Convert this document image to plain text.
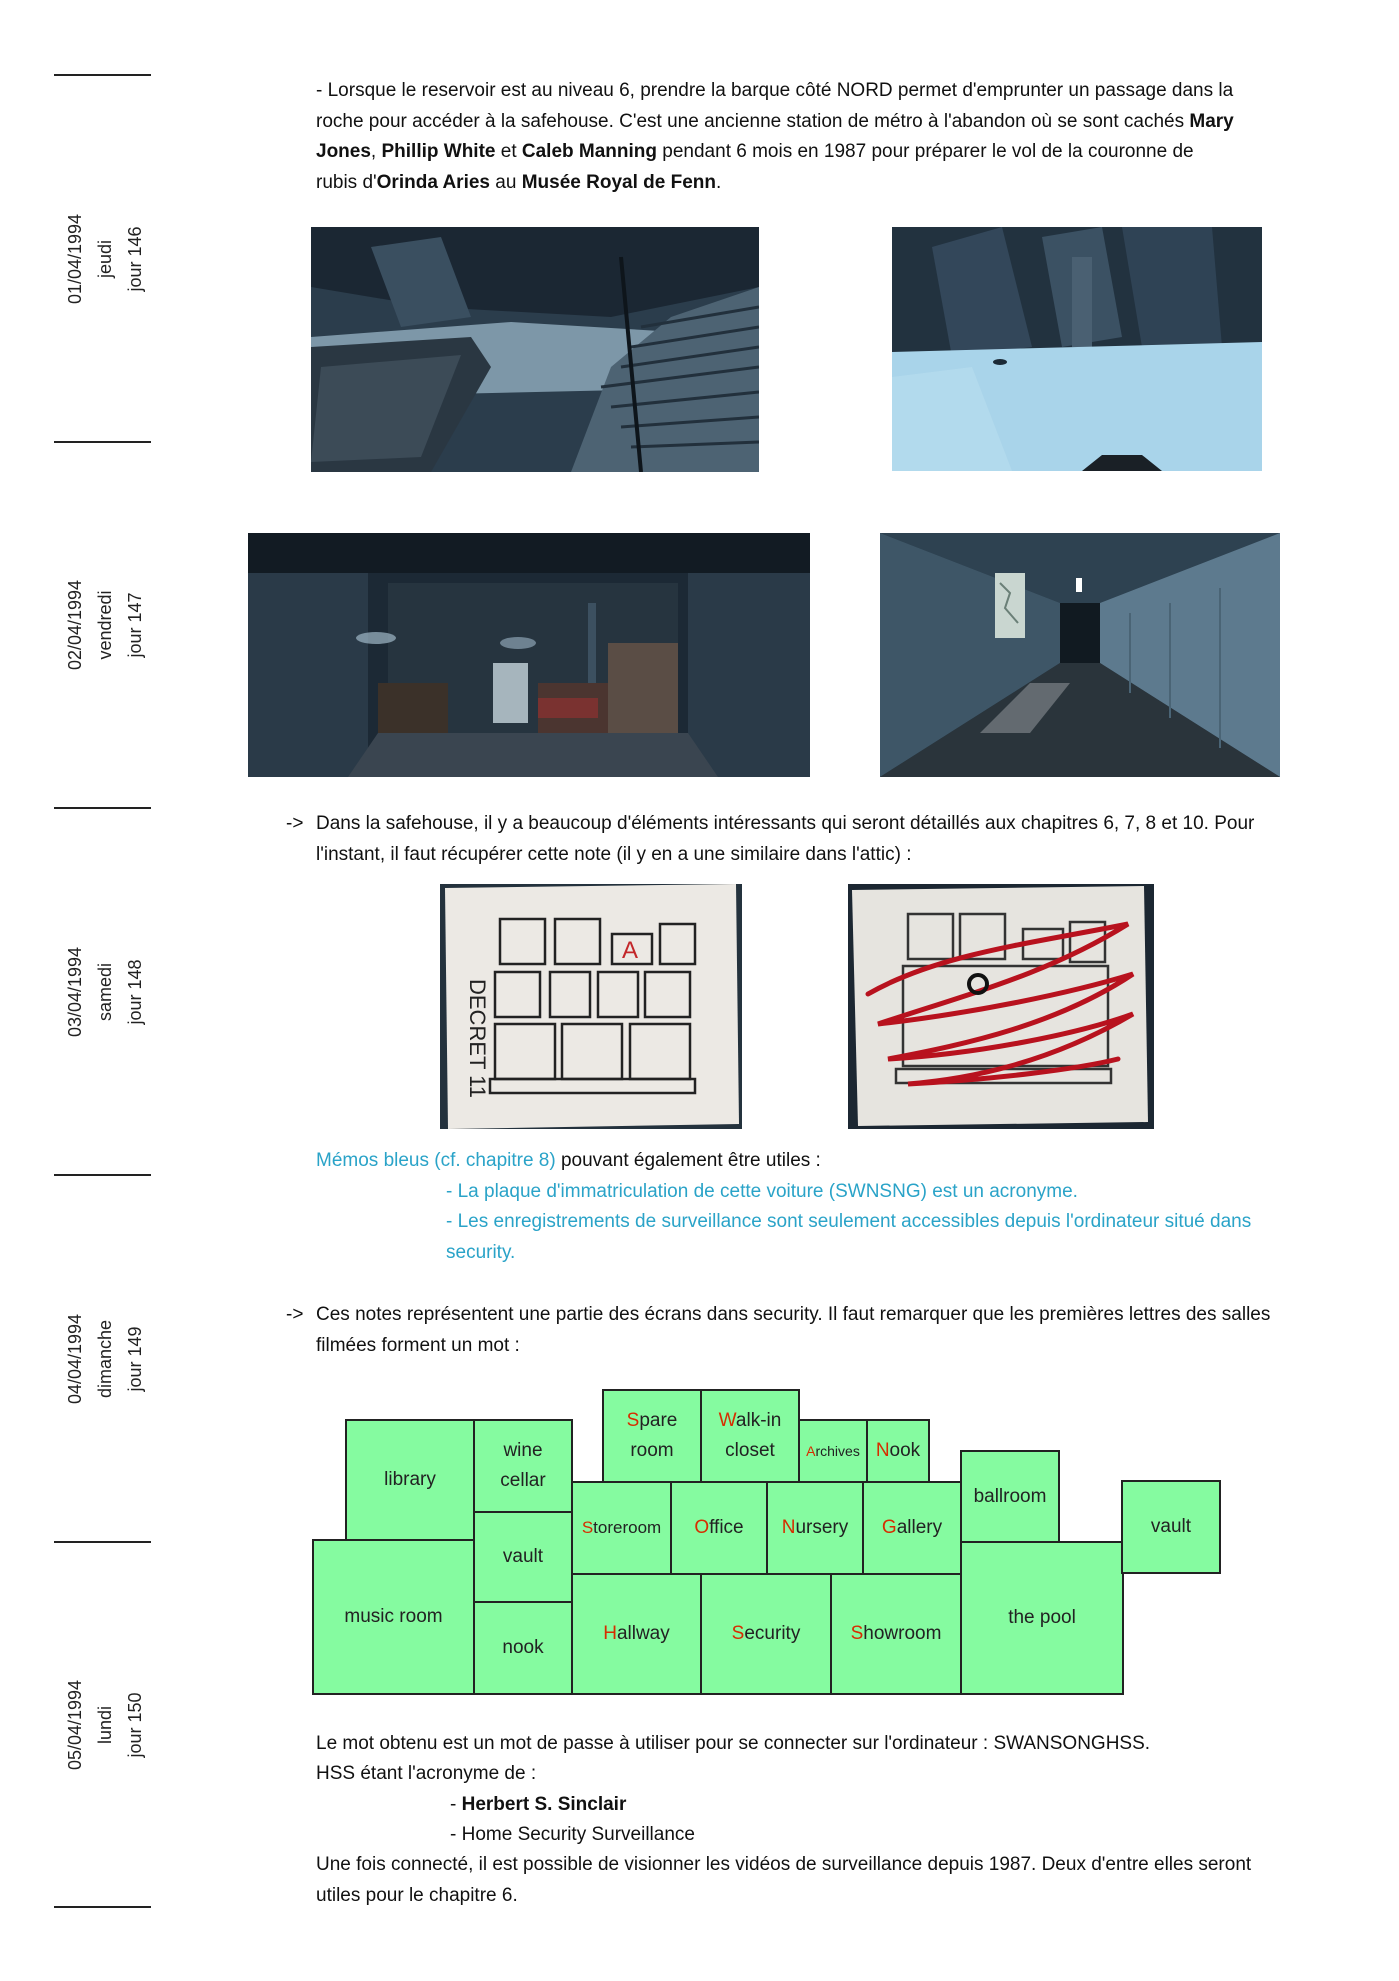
01/04/1994 jeudi jour 146
02/04/1994 vendredi jour 147
03/04/1994 samedi jour 148
04/04/1994 dimanche jour 149
05/04/1994 lundi jour 150
- Lorsque le reservoir est au niveau 6, prendre la barque côté NORD permet d'emprunter un passage dans la roche pour accéder à la safehouse. C'est une ancienne station de métro à l'abandon où se sont cachés Mary Jones, Phillip White et Caleb Manning pendant 6 mois en 1987 pour préparer le vol de la couronne de rubis d'Orinda Aries au Musée Royal de Fenn.
-> Dans la safehouse, il y a beaucoup d'éléments intéressants qui seront détaillés aux chapitres 6, 7, 8 et 10. Pour l'instant, il faut récupérer cette note (il y en a une similaire dans l'attic) :
A
DECRET 11
Mémos bleus (cf. chapitre 8) pouvant également être utiles :
- La plaque d'immatriculation de cette voiture (SWNSNG) est un acronyme.
- Les enregistrements de surveillance sont seulement accessibles depuis l'ordinateur situé dans security.
-> Ces notes représentent une partie des écrans dans security. Il faut remarquer que les premières lettres des salles filmées forment un mot :
library
wine cellar
vault
music room
nook
Spare room
Walk-in closet	Archives Nook
Storeroom Office Nursery Gallery
Hallway	Security	Showroom
ballroom
the pool
vault
Le mot obtenu est un mot de passe à utiliser pour se connecter sur l'ordinateur : SWANSONGHSS.
HSS étant l'acronyme de :
- Herbert S. Sinclair
- Home Security Surveillance
Une fois connecté, il est possible de visionner les vidéos de surveillance depuis 1987. Deux d'entre elles seront utiles pour le chapitre 6.
